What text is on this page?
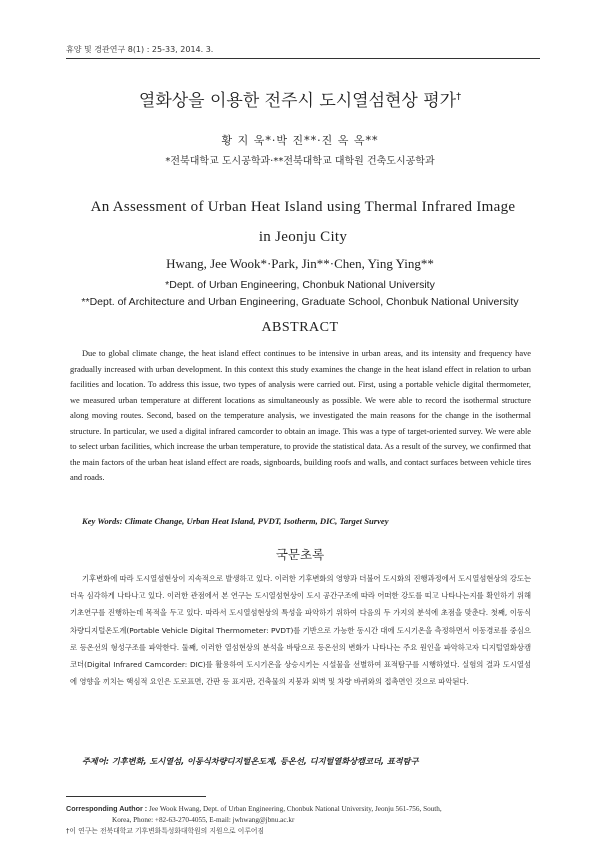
휴양 및 경관연구 8(1) : 25-33, 2014. 3.
열화상을 이용한 전주시 도시열섬현상 평가†
황 지 욱*·박 진**·진 옥 옥**
*전북대학교 도시공학과·**전북대학교 대학원 건축도시공학과
An Assessment of Urban Heat Island using Thermal Infrared Image
in Jeonju City
Hwang, Jee Wook*·Park, Jin**·Chen, Ying Ying**
*Dept. of Urban Engineering, Chonbuk National University
**Dept. of Architecture and Urban Engineering, Graduate School, Chonbuk National University
ABSTRACT
Due to global climate change, the heat island effect continues to be intensive in urban areas, and its intensity and frequency have gradually increased with urban development. In this context this study examines the change in the heat island effect in relation to urban facilities and location. To address this issue, two types of analysis were carried out. First, using a portable vehicle digital thermometer, we measured urban temperature at different locations as simultaneously as possible. We were able to record the isothermal structure along moving routes. Second, based on the temperature analysis, we investigated the main reasons for the change in the isothermal structure. In particular, we used a digital infrared camcorder to obtain an image. This was a type of target-oriented survey. We were able to select urban facilities, which increase the urban temperature, to provide the statistical data. As a result of the survey, we confirmed that the main factors of the urban heat island effect are roads, signboards, building roofs and walls, and contact surfaces between vehicle tires and roads.
Key Words: Climate Change, Urban Heat Island, PVDT, Isotherm, DIC, Target Survey
국문초록
기후변화에 따라 도시열섬현상이 지속적으로 발생하고 있다. 이러한 기후변화의 영향과 더불어 도시화의 진행과정에서 도시열섬현상의 강도는 더욱 심각하게 나타나고 있다. 이러한 관점에서 본 연구는 도시열섬현상이 도시 공간구조에 따라 어떠한 강도를 띠고 나타나는지를 확인하기 위해 기초연구를 진행하는데 목적을 두고 있다. 따라서 도시열섬현상의 특성을 파악하기 위하여 다음의 두 가지의 분석에 초점을 맞춘다. 첫째, 이동식차량디지털온도계(Portable Vehicle Digital Thermometer: PVDT)를 기반으로 가능한 동시간 대에 도시기온을 측정하면서 이동경로를 중심으로 등온선의 형성구조를 파악한다. 둘째, 이러한 열섬현상의 분석을 바탕으로 등온선의 변화가 나타나는 주요 원인을 파악하고자 디지털열화상캠코더(Digital Infrared Camcorder: DIC)를 활용하여 도시기온을 상승시키는 시설물을 선별하여 표적탐구를 시행하였다. 실험의 결과 도시열섬에 영향을 끼치는 핵심적 요인은 도로표면, 간판 등 표지판, 건축물의 지붕과 외벽 및 차량 바퀴와의 접촉면인 것으로 파악된다.
주제어: 기후변화, 도시열섬, 이동식차량디지털온도계, 등온선, 디지털열화상캠코더, 표적탐구
Corresponding Author : Jee Wook Hwang, Dept. of Urban Engineering, Chonbuk National University, Jeonju 561-756, South,
Korea, Phone: +82-63-270-4055, E-mail: jwhwang@jbnu.ac.kr
†이 연구는 전북대학교 기후변화특성화대학원의 지원으로 이루어짐
